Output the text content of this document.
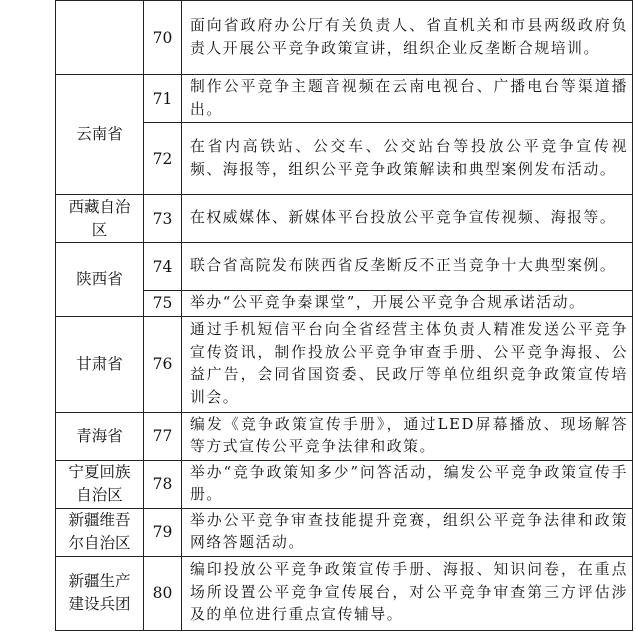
	70	面向省政府办公厅有关负责人、省直机关和市县两级政府负责人开展公平竞争政策宣讲，组织企业反垄断合规培训。
云南省	71	制作公平竞争主题音视频在云南电视台、广播电台等渠道播出。
	72	在省内高铁站、公交车、公交站台等投放公平竞争宣传视频、海报等，组织公平竞争政策解读和典型案例发布活动。
西藏自治区	73	在权威媒体、新媒体平台投放公平竞争宣传视频、海报等。
陕西省	74	联合省高院发布陕西省反垄断反不正当竞争十大典型案例。
	75	举办“公平竞争秦课堂”，开展公平竞争合规承诺活动。
甘肃省	76	通过手机短信平台向全省经营主体负责人精准发送公平竞争宣传资讯，制作投放公平竞争审查手册、公平竞争海报、公益广告，会同省国资委、民政厅等单位组织竞争政策宣传培训会。
青海省	77	编发《竞争政策宣传手册》，通过LED屏幕播放、现场解答等方式宣传公平竞争法律和政策。
宁夏回族自治区	78	举办“竞争政策知多少”问答活动，编发公平竞争政策宣传手册。
新疆维吾尔自治区	79	举办公平竞争审查技能提升竞赛，组织公平竞争法律和政策网络答题活动。
新疆生产建设兵团	80	编印投放公平竞争政策宣传手册、海报、知识问卷，在重点场所设置公平竞争宣传展台，对公平竞争审查第三方评估涉及的单位进行重点宣传辅导。
